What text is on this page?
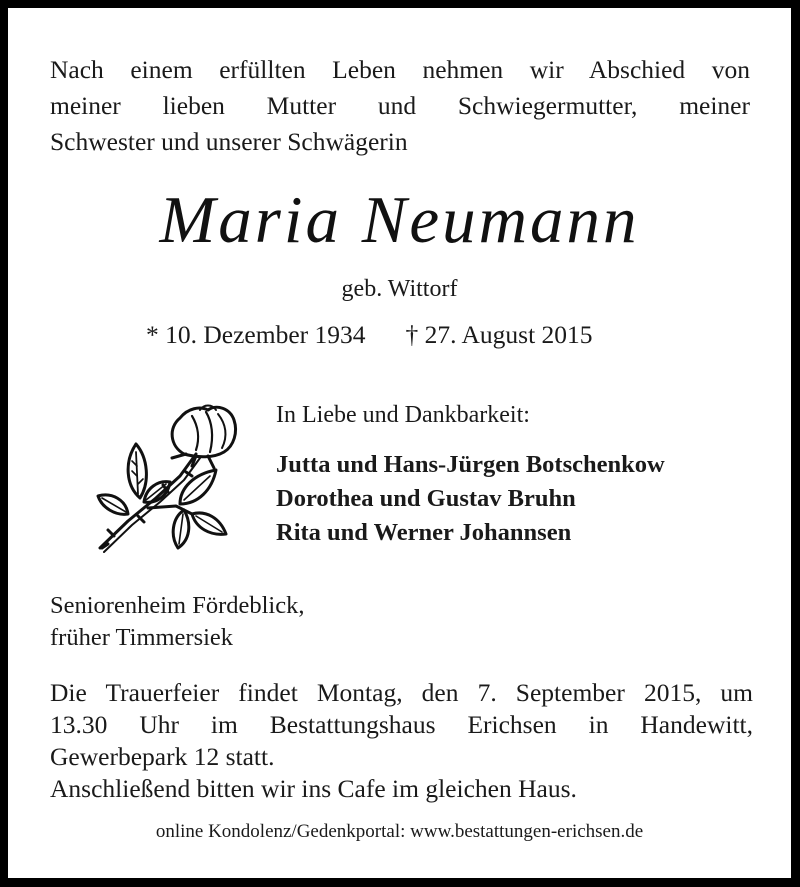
Nach einem erfüllten Leben nehmen wir Abschied von
meiner lieben Mutter und Schwiegermutter, meiner
Schwester und unserer Schwägerin
Maria Neumann
geb. Wittorf
* 10. Dezember 1934 † 27. August 2015
In Liebe und Dankbarkeit:
Jutta und Hans-Jürgen Botschenkow
Dorothea und Gustav Bruhn
Rita und Werner Johannsen
Seniorenheim Fördeblick,
früher Timmersiek
Die Trauerfeier findet Montag, den 7. September 2015, um
13.30 Uhr im Bestattungshaus Erichsen in Handewitt,
Gewerbepark 12 statt.
Anschließend bitten wir ins Cafe im gleichen Haus.
online Kondolenz/Gedenkportal: www.bestattungen-erichsen.de
